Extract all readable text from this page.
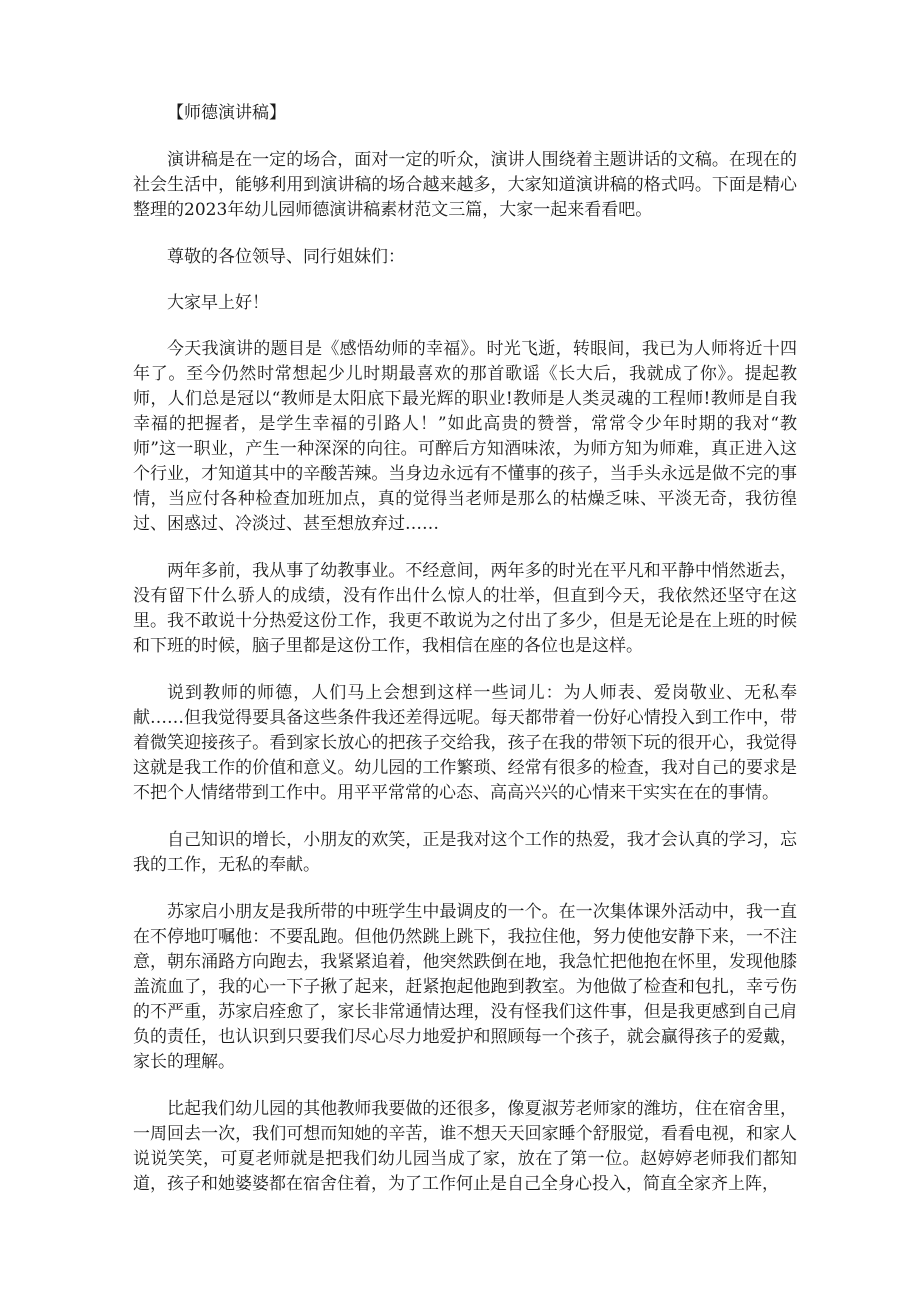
【师德演讲稿】

演讲稿是在一定的场合，面对一定的听众，演讲人围绕着主题讲话的文稿。在现在的社会生活中，能够利用到演讲稿的场合越来越多，大家知道演讲稿的格式吗。下面是精心整理的2023年幼儿园师德演讲稿素材范文三篇，大家一起来看看吧。

尊敬的各位领导、同行姐妹们：

大家早上好！

今天我演讲的题目是《感悟幼师的幸福》。时光飞逝，转眼间，我已为人师将近十四年了。至今仍然时常想起少儿时期最喜欢的那首歌谣《长大后，我就成了你》。提起教师，人们总是冠以“教师是太阳底下最光辉的职业!教师是人类灵魂的工程师!教师是自我幸福的把握者，是学生幸福的引路人！”如此高贵的赞誉，常常令少年时期的我对“教师”这一职业，产生一种深深的向往。可醉后方知酒味浓，为师方知为师难，真正进入这个行业，才知道其中的辛酸苦辣。当身边永远有不懂事的孩子，当手头永远是做不完的事情，当应付各种检查加班加点，真的觉得当老师是那么的枯燥乏味、平淡无奇，我彷徨过、困惑过、冷淡过、甚至想放弃过……

两年多前，我从事了幼教事业。不经意间，两年多的时光在平凡和平静中悄然逝去，没有留下什么骄人的成绩，没有作出什么惊人的壮举，但直到今天，我依然还坚守在这里。我不敢说十分热爱这份工作，我更不敢说为之付出了多少，但是无论是在上班的时候和下班的时候，脑子里都是这份工作，我相信在座的各位也是这样。

说到教师的师德，人们马上会想到这样一些词儿：为人师表、爱岗敬业、无私奉献……但我觉得要具备这些条件我还差得远呢。每天都带着一份好心情投入到工作中，带着微笑迎接孩子。看到家长放心的把孩子交给我，孩子在我的带领下玩的很开心，我觉得这就是我工作的价值和意义。幼儿园的工作繁琐、经常有很多的检查，我对自己的要求是不把个人情绪带到工作中。用平平常常的心态、高高兴兴的心情来干实实在在的事情。

自己知识的增长，小朋友的欢笑，正是我对这个工作的热爱，我才会认真的学习，忘我的工作，无私的奉献。

苏家启小朋友是我所带的中班学生中最调皮的一个。在一次集体课外活动中，我一直在不停地叮嘱他：不要乱跑。但他仍然跳上跳下，我拉住他，努力使他安静下来，一不注意，朝东涌路方向跑去，我紧紧追着，他突然跌倒在地，我急忙把他抱在怀里，发现他膝盖流血了，我的心一下子揪了起来，赶紧抱起他跑到教室。为他做了检查和包扎，幸亏伤的不严重，苏家启痊愈了，家长非常通情达理，没有怪我们这件事，但是我更感到自己肩负的责任，也认识到只要我们尽心尽力地爱护和照顾每一个孩子，就会赢得孩子的爱戴，家长的理解。

比起我们幼儿园的其他教师我要做的还很多，像夏淑芳老师家的潍坊，住在宿舍里，一周回去一次，我们可想而知她的辛苦，谁不想天天回家睡个舒服觉，看看电视，和家人说说笑笑，可夏老师就是把我们幼儿园当成了家，放在了第一位。赵婷婷老师我们都知道，孩子和她婆婆都在宿舍住着，为了工作何止是自己全身心投入，简直全家齐上阵，
